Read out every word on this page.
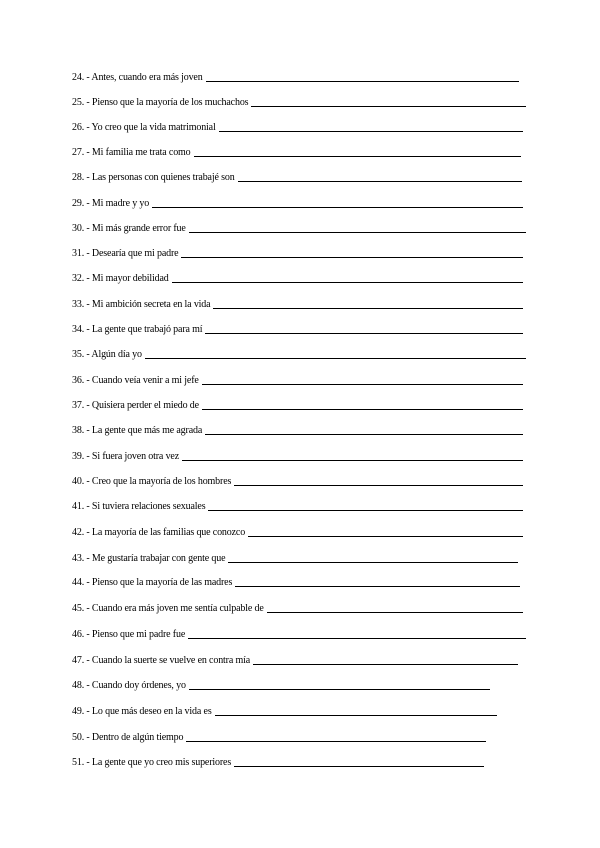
24. - Antes, cuando era más joven
25. - Pienso que la mayoría de los muchachos
26. - Yo creo que la vida matrimonial
27. - Mi familia me trata como
28. - Las personas con quienes trabajé son
29. - Mi madre y yo
30. - Mi más grande error fue
31. - Desearía que mi padre
32. - Mi mayor debilidad
33. - Mi ambición secreta en la vida
34. - La gente que trabajó para mí
35. - Algún día yo
36. - Cuando veía venir a mi jefe
37. - Quisiera perder el miedo de
38. - La gente que más me agrada
39. - Si fuera joven otra vez
40. - Creo que la mayoría de los hombres
41. - Si tuviera relaciones sexuales
42. - La mayoría de las familias que conozco
43. - Me gustaría trabajar con gente que
44. - Pienso que la mayoría de las madres
45. - Cuando era más joven me sentía culpable de
46. - Pienso que mi padre fue
47. - Cuando la suerte se vuelve en contra mía
48. - Cuando doy órdenes, yo
49. - Lo que más deseo en la vida es
50. - Dentro de algún tiempo
51. - La gente que yo creo mis superiores
